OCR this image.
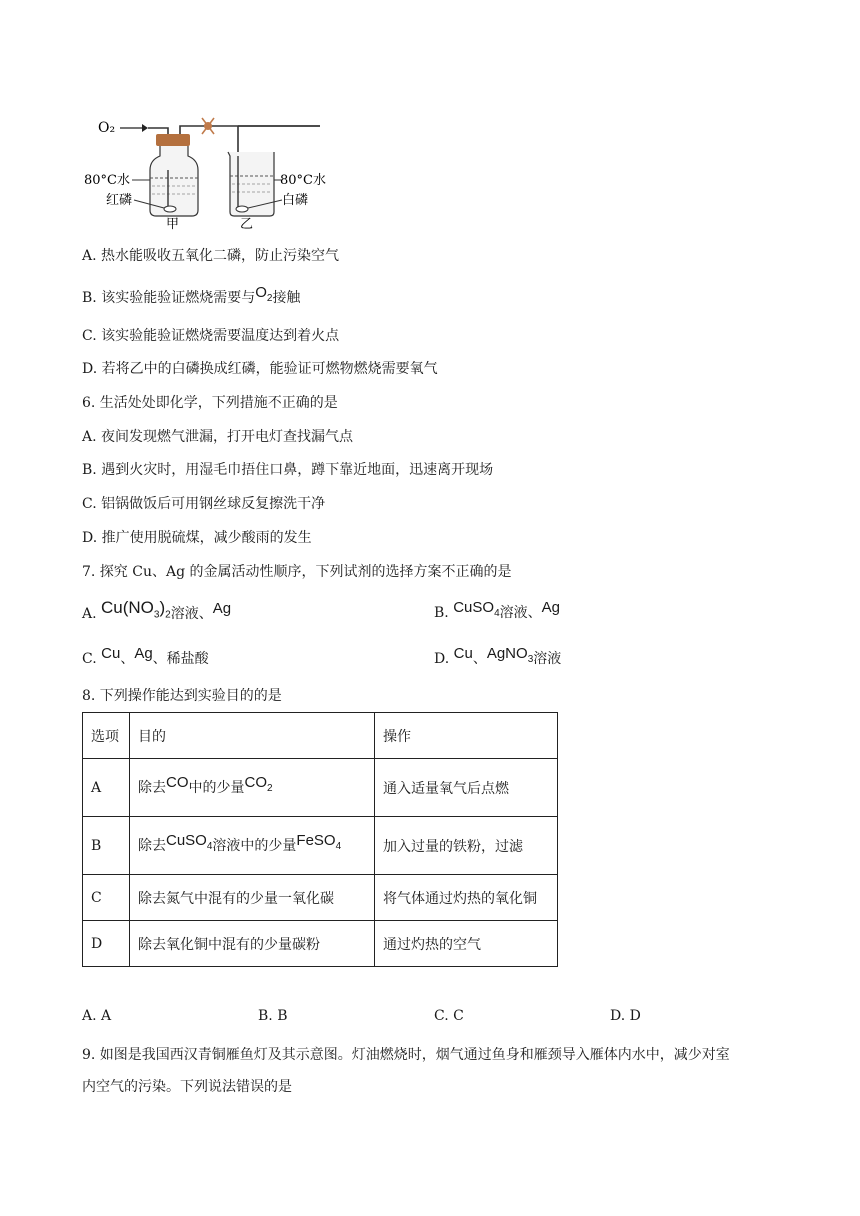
O₂
80°C水
红磷
甲
80°C水
白磷
乙
A. 热水能吸收五氧化二磷，防止污染空气
B. 该实验能验证燃烧需要与$O_2$接触
C. 该实验能验证燃烧需要温度达到着火点
D. 若将乙中的白磷换成红磷，能验证可燃物燃烧需要氧气
6. 生活处处即化学，下列措施不正确的是
A. 夜间发现燃气泄漏，打开电灯查找漏气点
B. 遇到火灾时，用湿毛巾捂住口鼻，蹲下靠近地面，迅速离开现场
C. 铝锅做饭后可用钢丝球反复擦洗干净
D. 推广使用脱硫煤，减少酸雨的发生
7. 探究 Cu、Ag 的金属活动性顺序，下列试剂的选择方案不正确的是
A. $Cu(NO_3)_2$溶液、Ag	B. CuSO$_4$溶液、Ag
C. Cu、Ag、稀盐酸	D. Cu、AgNO$_3$溶液
8. 下列操作能达到实验目的的是
选项	目的	操作
A	除去CO中的少量$CO_2$	通入适量氧气后点燃
B	除去CuSO$_4$溶液中的少量FeSO$_4$	加入过量的铁粉，过滤
C	除去氮气中混有的少量一氧化碳	将气体通过灼热的氧化铜
D	除去氧化铜中混有的少量碳粉	通过灼热的空气
A. A	B. B	C. C	D. D
9. 如图是我国西汉青铜雁鱼灯及其示意图。灯油燃烧时，烟气通过鱼身和雁颈导入雁体内水中，减少对室
内空气的污染。下列说法错误的是
